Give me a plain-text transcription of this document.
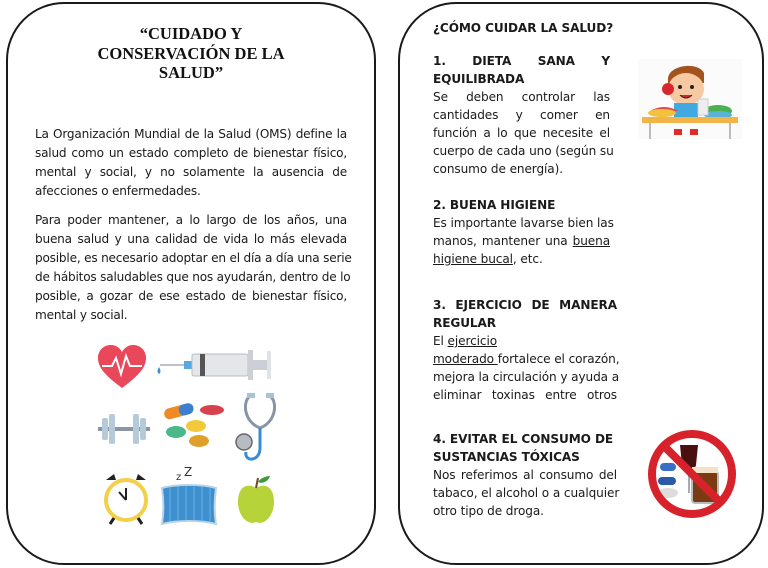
“CUIDADO Y
CONSERVACIÓN DE LA
SALUD”
La Organización Mundial de la Salud (OMS) define la
salud como un estado completo de bienestar físico,
mental y social, y no solamente la ausencia de
afecciones o enfermedades.
Para poder mantener, a lo largo de los años, una
buena salud y una calidad de vida lo más elevada
posible, es necesario adoptar en el día a día una serie
de hábitos saludables que nos ayudarán, dentro de lo
posible, a gozar de ese estado de bienestar físico,
mental y social.
z Z
¿CÓMO CUIDAR LA SALUD?
1. DIETA SANA Y
EQUILIBRADA
Se deben controlar las
cantidades y comer en
función a lo que necesite el
cuerpo de cada uno (según su
consumo de energía).
2. BUENA HIGIENE
Es importante lavarse bien las
manos, mantener una buena
higiene bucal, etc.
3. EJERCICIO DE MANERA
REGULAR
El ejercicio
moderado fortalece el corazón,
mejora la circulación y ayuda a
eliminar toxinas entre otros
4. EVITAR EL CONSUMO DE
SUSTANCIAS TÓXICAS
Nos referimos al consumo del
tabaco, el alcohol o a cualquier
otro tipo de droga.
